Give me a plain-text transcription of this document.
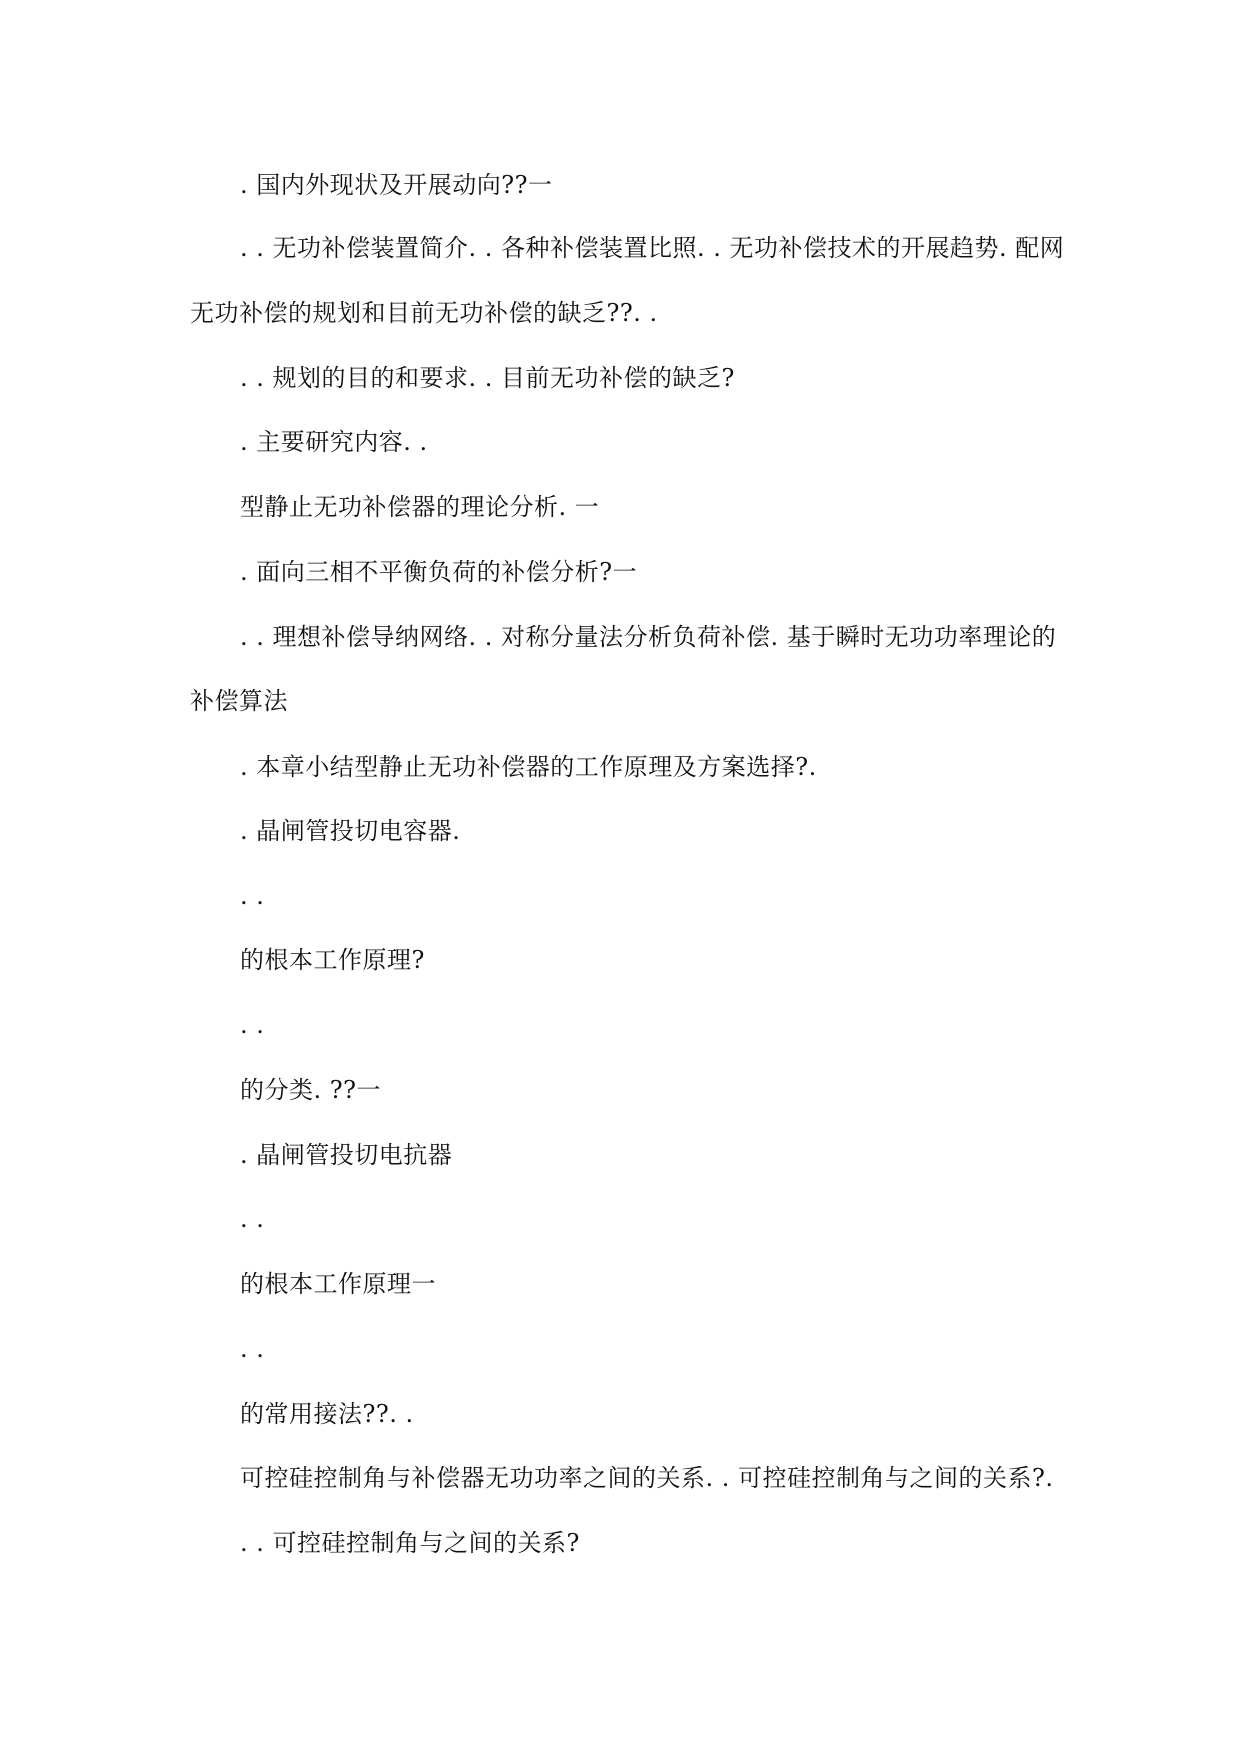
. 国内外现状及开展动向??一
. . 无功补偿装置简介. . 各种补偿装置比照. . 无功补偿技术的开展趋势. 配网
无功补偿的规划和目前无功补偿的缺乏??. .
. . 规划的目的和要求. . 目前无功补偿的缺乏?
. 主要研究内容. .
型静止无功补偿器的理论分析. 一
. 面向三相不平衡负荷的补偿分析?一
. . 理想补偿导纳网络. . 对称分量法分析负荷补偿. 基于瞬时无功功率理论的
补偿算法
. 本章小结型静止无功补偿器的工作原理及方案选择?.
. 晶闸管投切电容器.
. .
的根本工作原理?
. .
的分类. ??一
. 晶闸管投切电抗器
. .
的根本工作原理一
. .
的常用接法??. .
可控硅控制角与补偿器无功功率之间的关系. . 可控硅控制角与之间的关系?.
. . 可控硅控制角与之间的关系?
